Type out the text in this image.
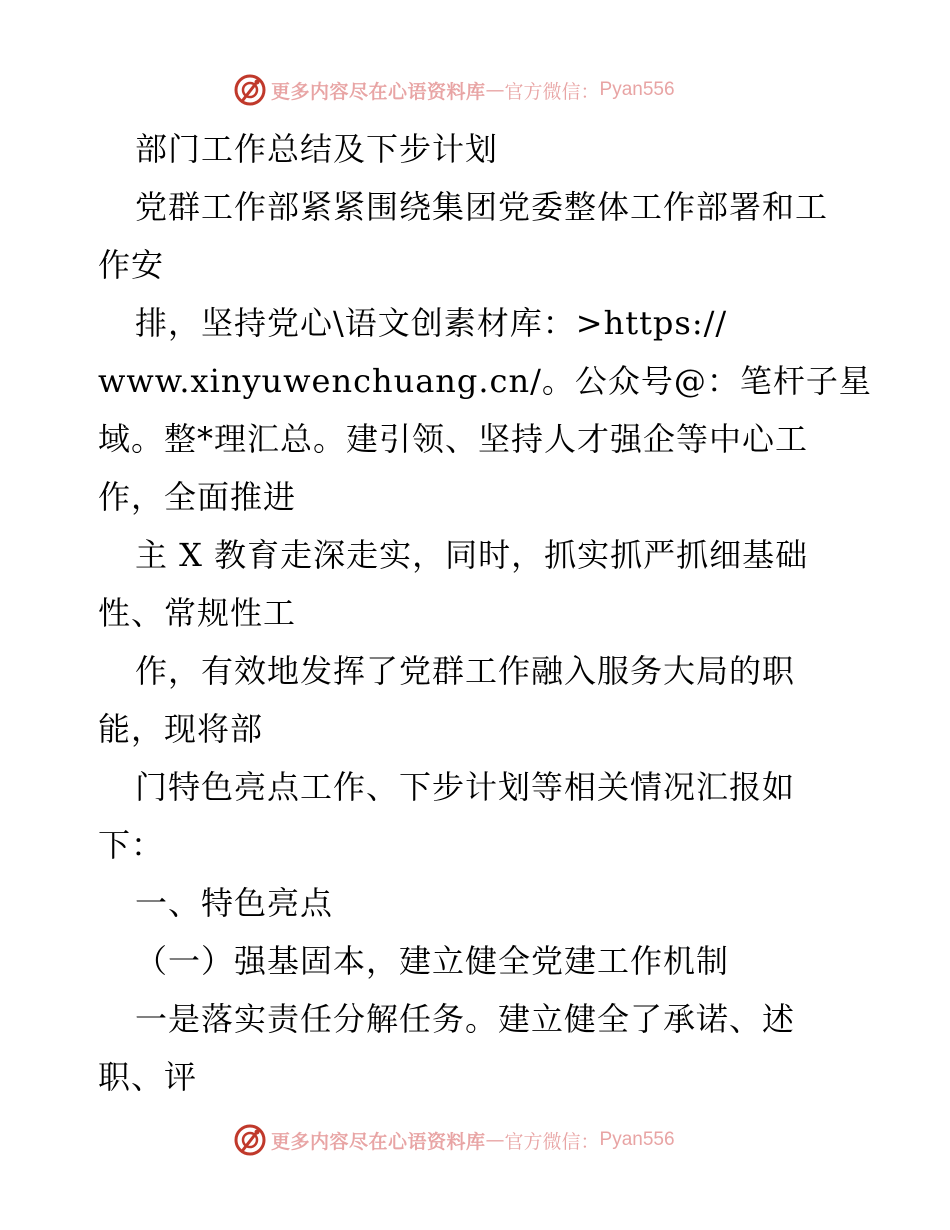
更多内容尽在心语资料库 — 官方微信： Pyan556
部门工作总结及下步计划
党群工作部紧紧围绕集团党委整体工作部署和工
作安
排，坚持党心\语文创素材库：>https://
www.xinyuwenchuang.cn/。公众号@：笔杆子星
域。整*理汇总。建引领、坚持人才强企等中心工
作，全面推进
主 X 教育走深走实，同时，抓实抓严抓细基础
性、常规性工
作，有效地发挥了党群工作融入服务大局的职
能，现将部
门特色亮点工作、下步计划等相关情况汇报如
下：
一、特色亮点
（一）强基固本，建立健全党建工作机制
一是落实责任分解任务。建立健全了承诺、述
职、评
更多内容尽在心语资料库 — 官方微信： Pyan556
